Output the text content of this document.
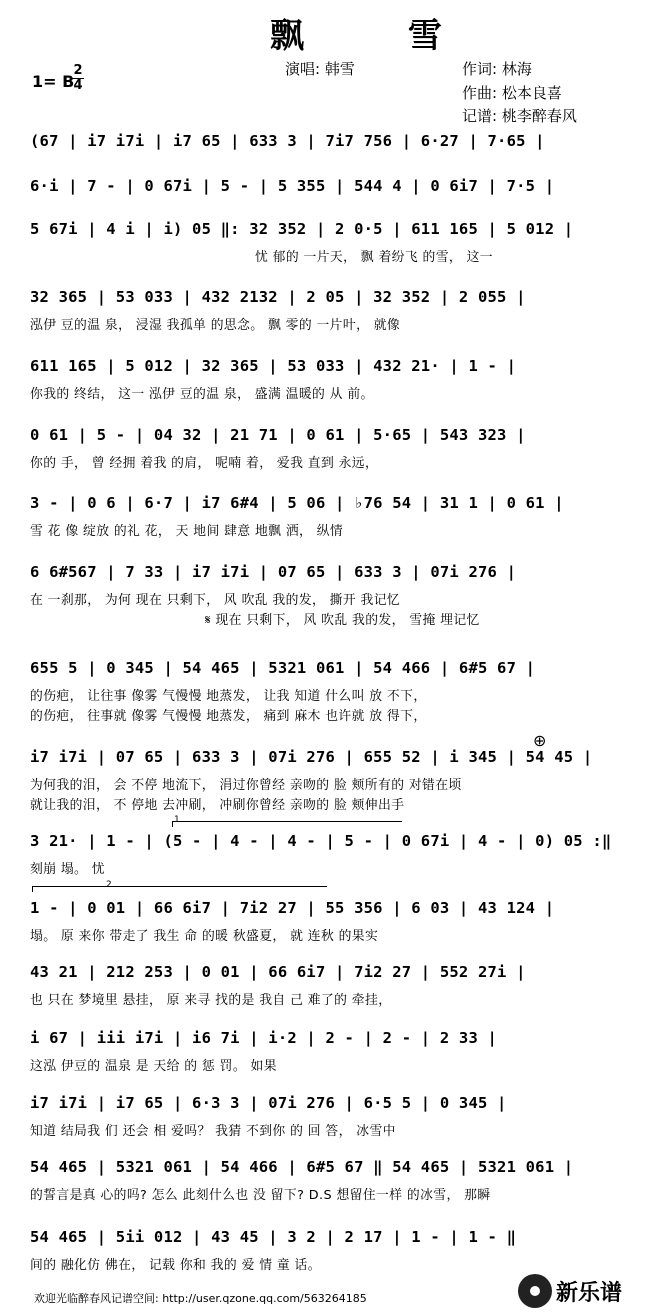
飘 雪
演唱: 韩雪	作词: 林海
作曲: 松本良喜
记谱: 桃李醉春风
1= B
2
4
(67 | i7 i7i | i7 65 | 633 3 | 7i7 756 | 6·27 | 7·65 |
6·i | 7 - | 0 67i | 5 - | 5 355 | 544 4 | 0 6i7 | 7·5 |
5 67i | 4 i | i) 05 ‖: 32 352 | 2 0·5 | 611 165 | 5 012 |
忧 郁的 一片天， 飘 着纷飞 的雪， 这一
32 365 | 53 033 | 432 2132 | 2 05 | 32 352 | 2 055 |
泓伊 豆的温 泉， 浸湿 我孤单 的思念。 飘 零的 一片叶， 就像
611 165 | 5 012 | 32 365 | 53 033 | 432 21· | 1 - |
你我的 终结， 这一 泓伊 豆的温 泉， 盛满 温暖的 从 前。
0 61 | 5 - | 04 32 | 21 71 | 0 61 | 5·65 | 543 323 |
你的 手， 曾 经拥 着我 的肩， 呢喃 着， 爱我 直到 永远，
3 - | 0 6 | 6·7 | i7 6#4 | 5 06 | ♭76 54 | 31 1 | 0 61 |
雪 花 像 绽放 的礼 花， 天 地间 肆意 地飘 洒， 纵情
6 6#567 | 7 33 | i7 i7i | 07 65 | 633 3 | 07i 276 |
在 一刹那， 为何 现在 只剩下， 风 吹乱 我的发， 撕开 我记忆
𝄋 现在 只剩下， 风 吹乱 我的发， 雪掩 埋记忆
655 5 | 0 345 | 54 465 | 5321 061 | 54 466 | 6#5 67 |
的伤疤， 让往事 像雾 气慢慢 地蒸发， 让我 知道 什么叫 放 不下，
的伤疤， 往事就 像雾 气慢慢 地蒸发， 痛到 麻木 也许就 放 得下，
i7 i7i | 07 65 | 633 3 | 07i 276 | 655 52 | i 345 | 54 45 |
为何我的泪， 会 不停 地流下， 涓过你曾经 亲吻的 脸 颊所有的 对错在顷
就让我的泪， 不 停地 去冲刷， 冲刷你曾经 亲吻的 脸 颊伸出手
3 21· | 1 - | (5 - | 4 - | 4 - | 5 - | 0 67i | 4 - | 0) 05 :‖
刻崩 塌。 忧
1 - | 0 01 | 66 6i7 | 7i2 27 | 55 356 | 6 03 | 43 124 |
塌。 原 来你 带走了 我生 命 的暖 秋盛夏， 就 连秋 的果实
43 21 | 212 253 | 0 01 | 66 6i7 | 7i2 27 | 552 27i |
也 只在 梦境里 悬挂， 原 来寻 找的是 我自 己 难了的 牵挂，
i 67 | iii i7i | i6 7i | i·2 | 2 - | 2 - | 2 33 |
这泓 伊豆的 温泉 是 天给 的 惩 罚。 如果
i7 i7i | i7 65 | 6·3 3 | 07i 276 | 6·5 5 | 0 345 |
知道 结局我 们 还会 相 爱吗？ 我猜 不到你 的 回 答， 冰雪中
54 465 | 5321 061 | 54 466 | 6#5 67 ‖ 54 465 | 5321 061 |
的誓言是真 心的吗? 怎么 此刻什么也 没 留下? D.S 想留住一样 的冰雪， 那瞬
54 465 | 5ii 012 | 43 45 | 3 2 | 2 17 | 1 - | 1 - ‖
间的 融化仿 佛在， 记载 你和 我的 爱 情 童 话。
1
2
⊕
欢迎光临醉春风记谱空间: http://user.qzone.qq.com/563264185	新乐谱
